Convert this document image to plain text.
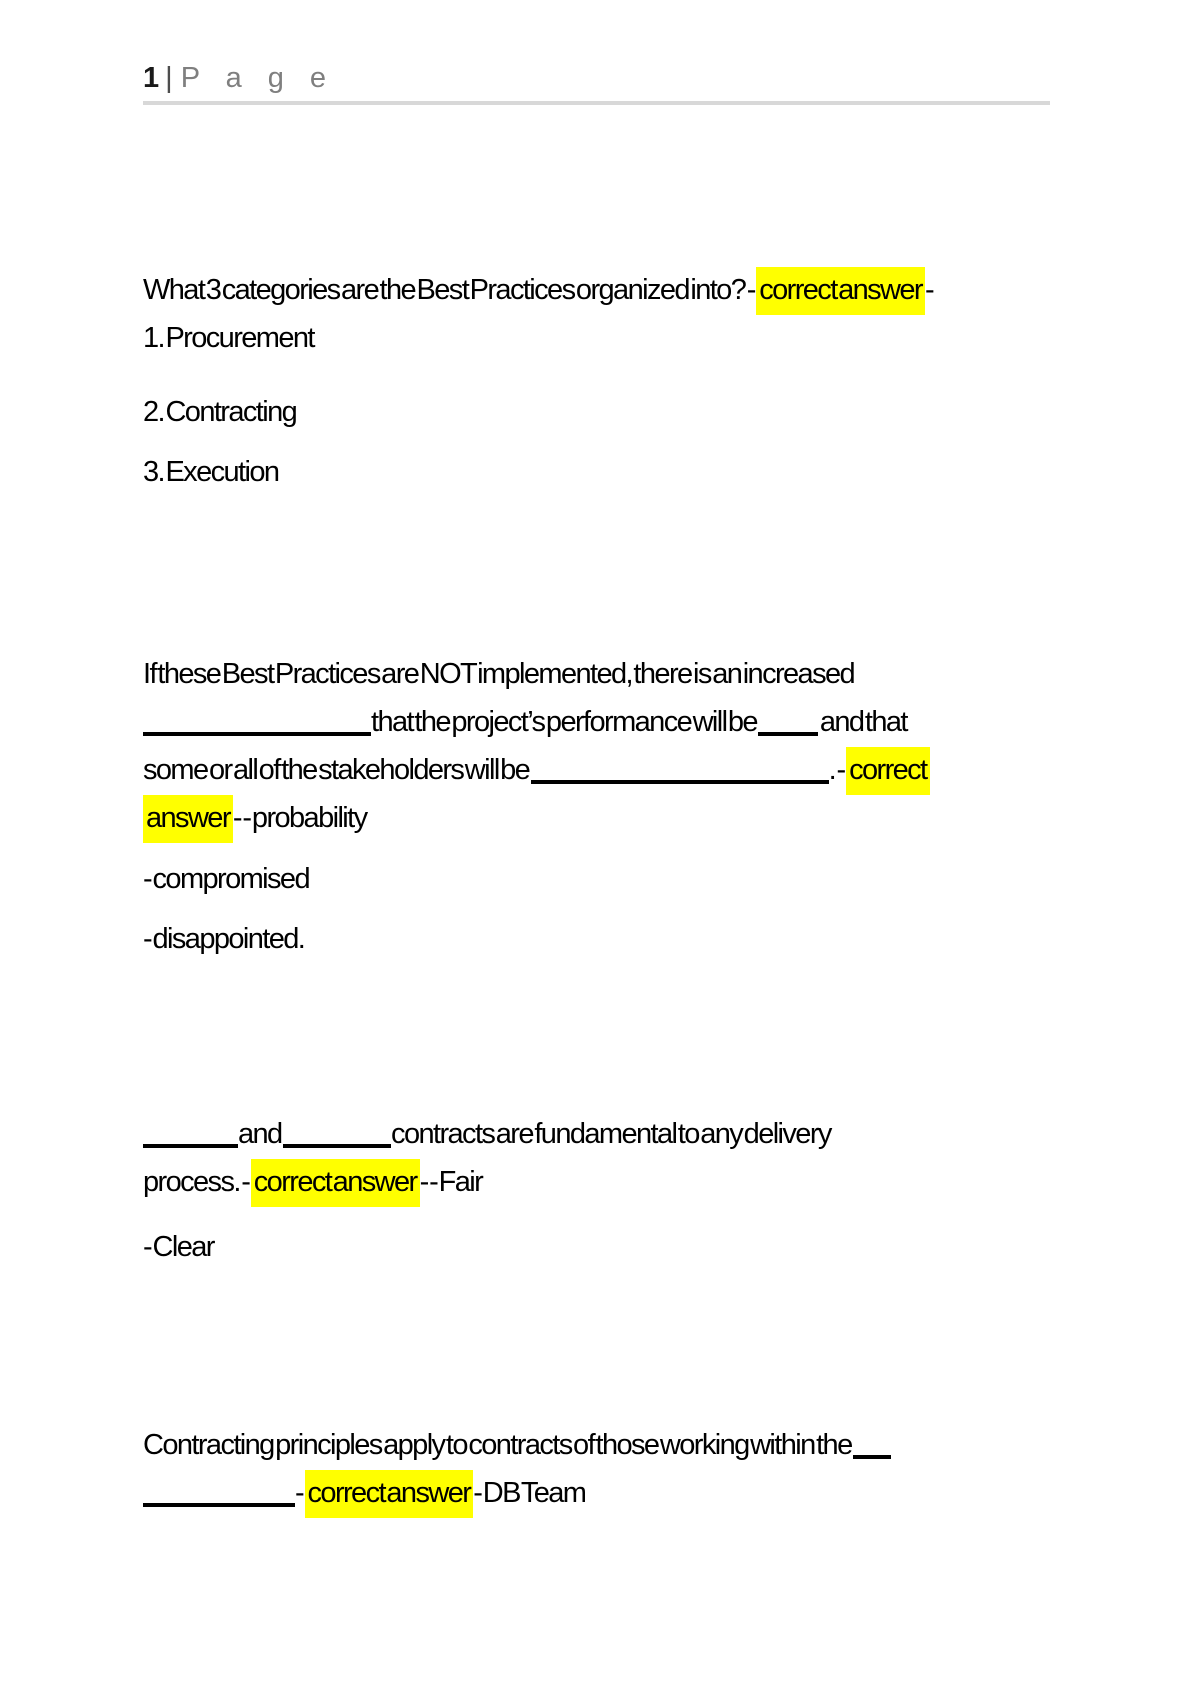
1 | P a g e
What 3 categories are the Best Practices organized into? - correct answer -
1. Procurement
2. Contracting
3. Execution
If these Best Practices are NOT implemented, there is an increased
that the project’s performance will be  and that
some or all of the stakeholders will be	. - correct
answer - - probability
- compromised
- disappointed.
and	contracts are fundamental to any delivery
process. - correct answer - - Fair
- Clear
Contracting principles apply to contracts of those working within the
- correct answer - DB Team
